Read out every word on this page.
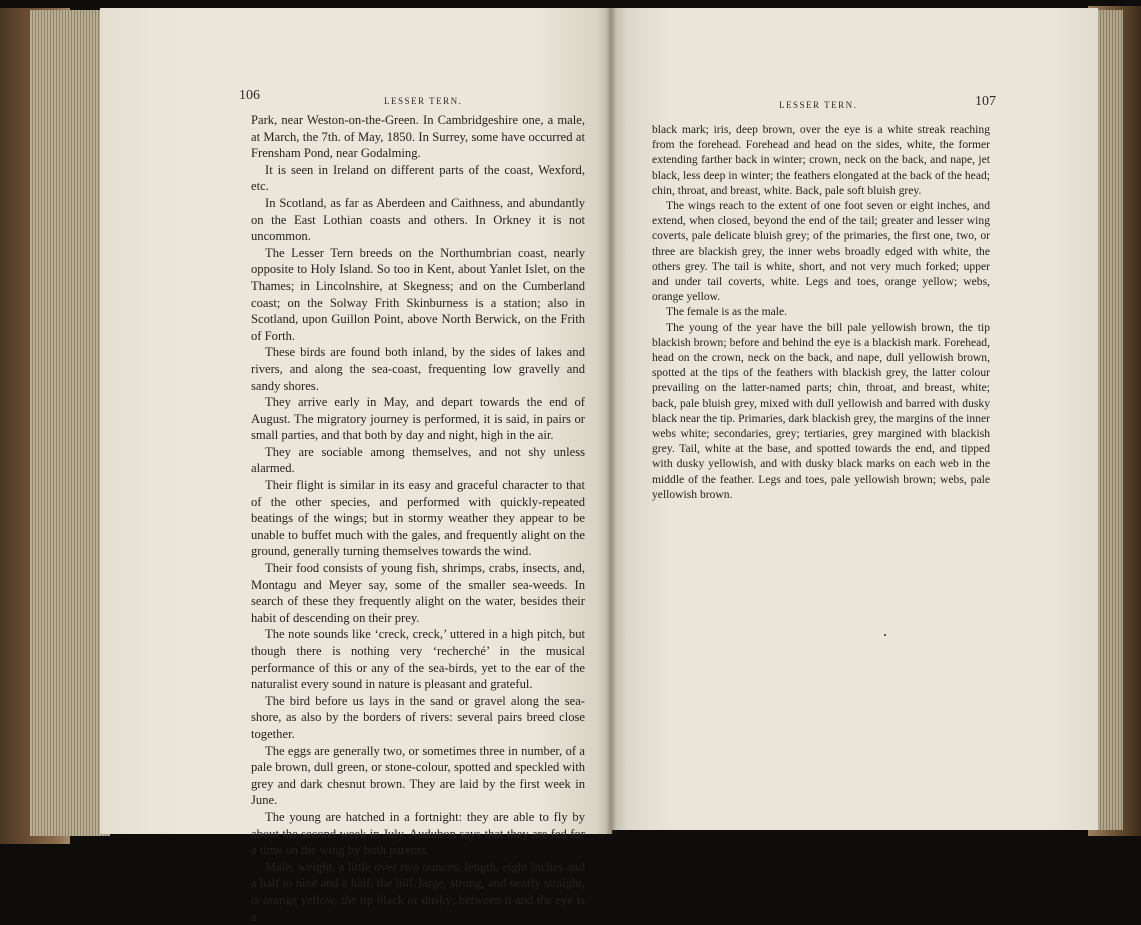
106	LESSER TERN.	LESSER TERN.	107

Park, near Weston-on-the-Green. In Cambridgeshire one, a male, at March, the 7th. of May, 1850. In Surrey, some have occurred at Frensham Pond, near Godalming.

It is seen in Ireland on different parts of the coast, Wexford, etc.

In Scotland, as far as Aberdeen and Caithness, and abundantly on the East Lothian coasts and others. In Orkney it is not uncommon.

The Lesser Tern breeds on the Northumbrian coast, nearly opposite to Holy Island. So too in Kent, about Yanlet Islet, on the Thames; in Lincolnshire, at Skegness; and on the Cumberland coast; on the Solway Frith Skinburness is a station; also in Scotland, upon Guillon Point, above North Berwick, on the Frith of Forth.

These birds are found both inland, by the sides of lakes and rivers, and along the sea-coast, frequenting low gravelly and sandy shores.

They arrive early in May, and depart towards the end of August. The migratory journey is performed, it is said, in pairs or small parties, and that both by day and night, high in the air.

They are sociable among themselves, and not shy unless alarmed.

Their flight is similar in its easy and graceful character to that of the other species, and performed with quickly-repeated beatings of the wings; but in stormy weather they appear to be unable to buffet much with the gales, and frequently alight on the ground, generally turning themselves towards the wind.

Their food consists of young fish, shrimps, crabs, insects, and, Montagu and Meyer say, some of the smaller sea-weeds. In search of these they frequently alight on the water, besides their habit of descending on their prey.

The note sounds like ‘creck, creck,’ uttered in a high pitch, but though there is nothing very ‘recherché’ in the musical performance of this or any of the sea-birds, yet to the ear of the naturalist every sound in nature is pleasant and grateful.

The bird before us lays in the sand or gravel along the sea-shore, as also by the borders of rivers: several pairs breed close together.

The eggs are generally two, or sometimes three in number, of a pale brown, dull green, or stone-colour, spotted and speckled with grey and dark chesnut brown. They are laid by the first week in June.

The young are hatched in a fortnight: they are able to fly by about the second week in July. Audubon says that they are fed for a time on the wing by both parents.

Male; weight, a little over two ounces; length, eight inches and a half to nine and a half; the bill, large, strong, and nearly straight, is orange yellow, the tip black or dusky; between it and the eye is a

black mark; iris, deep brown, over the eye is a white streak reaching from the forehead. Forehead and head on the sides, white, the former extending farther back in winter; crown, neck on the back, and nape, jet black, less deep in winter; the feathers elongated at the back of the head; chin, throat, and breast, white. Back, pale soft bluish grey.

The wings reach to the extent of one foot seven or eight inches, and extend, when closed, beyond the end of the tail; greater and lesser wing coverts, pale delicate bluish grey; of the primaries, the first one, two, or three are blackish grey, the inner webs broadly edged with white, the others grey. The tail is white, short, and not very much forked; upper and under tail coverts, white. Legs and toes, orange yellow; webs, orange yellow.

The female is as the male.

The young of the year have the bill pale yellowish brown, the tip blackish brown; before and behind the eye is a blackish mark. Forehead, head on the crown, neck on the back, and nape, dull yellowish brown, spotted at the tips of the feathers with blackish grey, the latter colour prevailing on the latter-named parts; chin, throat, and breast, white; back, pale bluish grey, mixed with dull yellowish and barred with dusky black near the tip. Primaries, dark blackish grey, the margins of the inner webs white; secondaries, grey; tertiaries, grey margined with blackish grey. Tail, white at the base, and spotted towards the end, and tipped with dusky yellowish, and with dusky black marks on each web in the middle of the feather. Legs and toes, pale yellowish brown; webs, pale yellowish brown.
